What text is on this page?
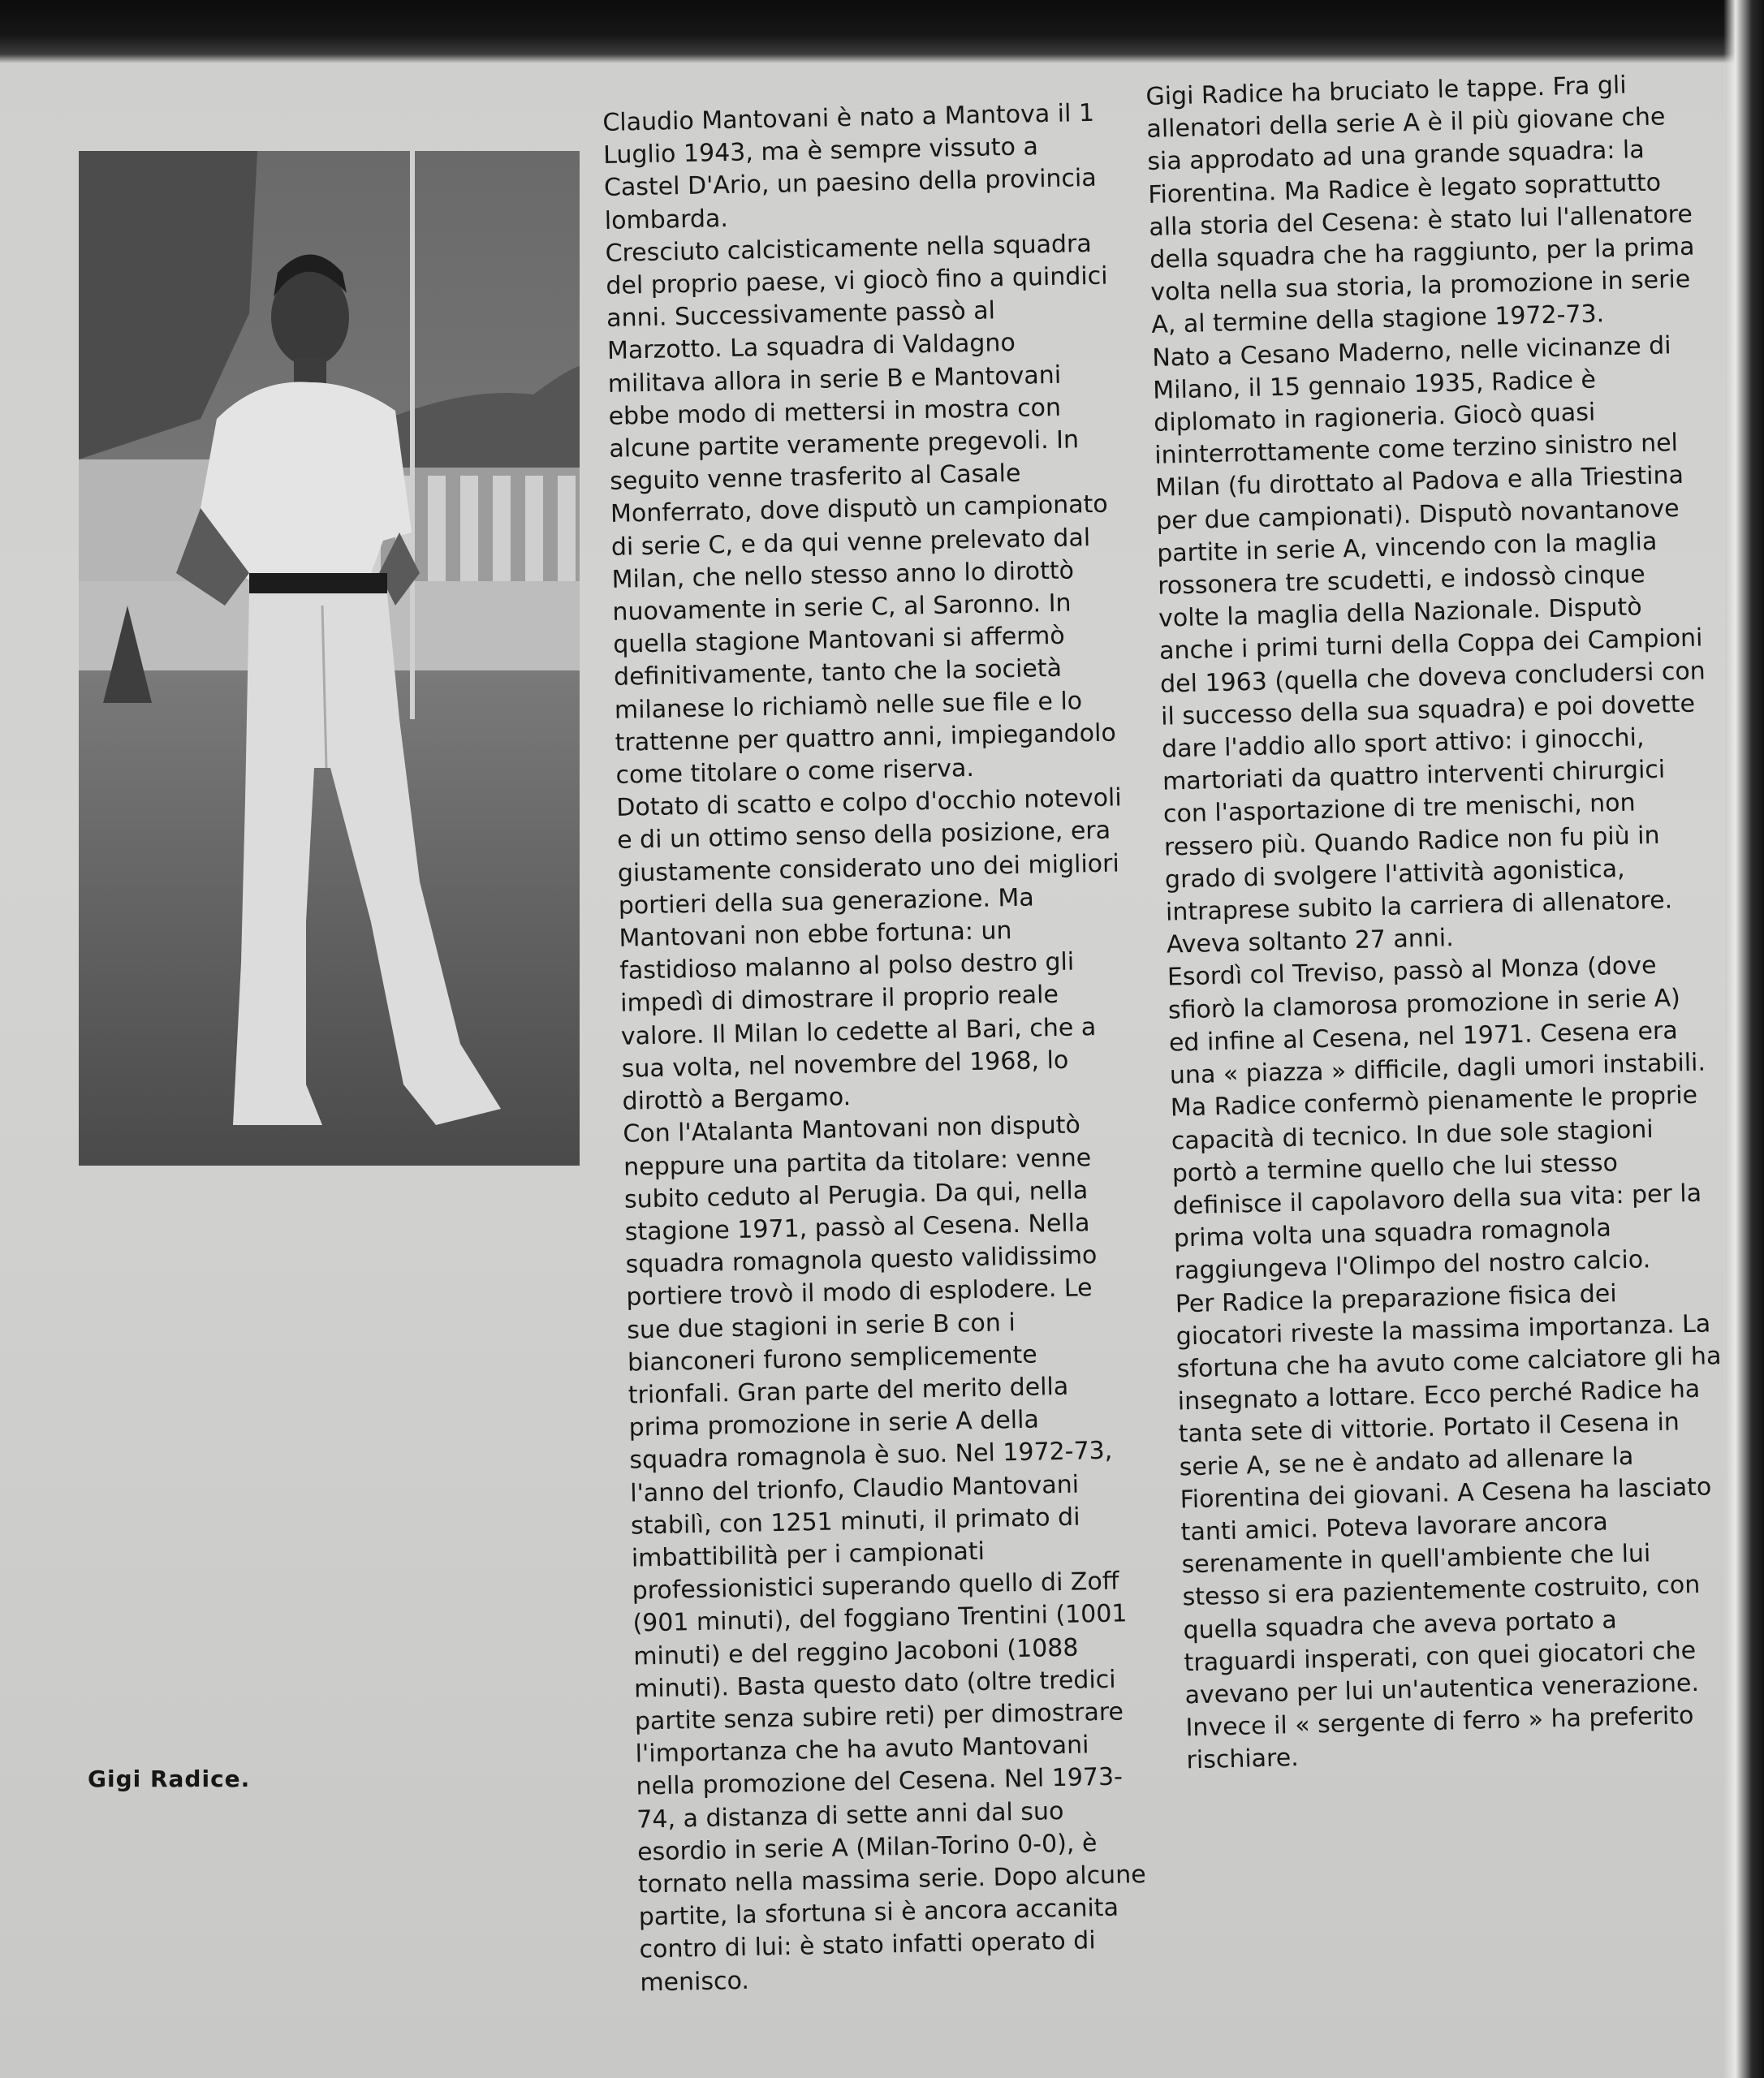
Gigi Radice.

Claudio Mantovani è nato a Mantova il 1 Luglio 1943, ma è sempre vissuto a Castel D'Ario, un paesino della provincia lombarda.

Cresciuto calcisticamente nella squadra del proprio paese, vi giocò fino a quindici anni. Successivamente passò al Marzotto. La squadra di Valdagno militava allora in serie B e Mantovani ebbe modo di mettersi in mostra con alcune partite veramente pregevoli. In seguito venne trasferito al Casale Monferrato, dove disputò un campionato di serie C, e da qui venne prelevato dal Milan, che nello stesso anno lo dirottò nuovamente in serie C, al Saronno. In quella stagione Mantovani si affermò definitivamente, tanto che la società milanese lo richiamò nelle sue file e lo trattenne per quattro anni, impiegandolo come titolare o come riserva.

Dotato di scatto e colpo d'occhio notevoli e di un ottimo senso della posizione, era giustamente considerato uno dei migliori portieri della sua generazione. Ma Mantovani non ebbe fortuna: un fastidioso malanno al polso destro gli impedì di dimostrare il proprio reale valore. Il Milan lo cedette al Bari, che a sua volta, nel novembre del 1968, lo dirottò a Bergamo.

Con l'Atalanta Mantovani non disputò neppure una partita da titolare: venne subito ceduto al Perugia. Da qui, nella stagione 1971, passò al Cesena. Nella squadra romagnola questo validissimo portiere trovò il modo di esplodere. Le sue due stagioni in serie B con i bianconeri furono semplicemente trionfali. Gran parte del merito della prima promozione in serie A della squadra romagnola è suo. Nel 1972-73, l'anno del trionfo, Claudio Mantovani stabilì, con 1251 minuti, il primato di imbattibilità per i campionati professionistici superando quello di Zoff (901 minuti), del foggiano Trentini (1001 minuti) e del reggino Jacoboni (1088 minuti). Basta questo dato (oltre tredici partite senza subire reti) per dimostrare l'importanza che ha avuto Mantovani nella promozione del Cesena. Nel 1973-74, a distanza di sette anni dal suo esordio in serie A (Milan-Torino 0-0), è tornato nella massima serie. Dopo alcune partite, la sfortuna si è ancora accanita contro di lui: è stato infatti operato di menisco.

Gigi Radice ha bruciato le tappe. Fra gli allenatori della serie A è il più giovane che sia approdato ad una grande squadra: la Fiorentina. Ma Radice è legato soprattutto alla storia del Cesena: è stato lui l'allenatore della squadra che ha raggiunto, per la prima volta nella sua storia, la promozione in serie A, al termine della stagione 1972-73.

Nato a Cesano Maderno, nelle vicinanze di Milano, il 15 gennaio 1935, Radice è diplomato in ragioneria. Giocò quasi ininterrottamente come terzino sinistro nel Milan (fu dirottato al Padova e alla Triestina per due campionati). Disputò novantanove partite in serie A, vincendo con la maglia rossonera tre scudetti, e indossò cinque volte la maglia della Nazionale. Disputò anche i primi turni della Coppa dei Campioni del 1963 (quella che doveva concludersi con il successo della sua squadra) e poi dovette dare l'addio allo sport attivo: i ginocchi, martoriati da quattro interventi chirurgici con l'asportazione di tre menischi, non ressero più. Quando Radice non fu più in grado di svolgere l'attività agonistica, intraprese subito la carriera di allenatore. Aveva soltanto 27 anni.

Esordì col Treviso, passò al Monza (dove sfiorò la clamorosa promozione in serie A) ed infine al Cesena, nel 1971. Cesena era una « piazza » difficile, dagli umori instabili. Ma Radice confermò pienamente le proprie capacità di tecnico. In due sole stagioni portò a termine quello che lui stesso definisce il capolavoro della sua vita: per la prima volta una squadra romagnola raggiungeva l'Olimpo del nostro calcio.

Per Radice la preparazione fisica dei giocatori riveste la massima importanza. La sfortuna che ha avuto come calciatore gli ha insegnato a lottare. Ecco perché Radice ha tanta sete di vittorie. Portato il Cesena in serie A, se ne è andato ad allenare la Fiorentina dei giovani. A Cesena ha lasciato tanti amici. Poteva lavorare ancora serenamente in quell'ambiente che lui stesso si era pazientemente costruito, con quella squadra che aveva portato a traguardi insperati, con quei giocatori che avevano per lui un'autentica venerazione. Invece il « sergente di ferro » ha preferito rischiare.
